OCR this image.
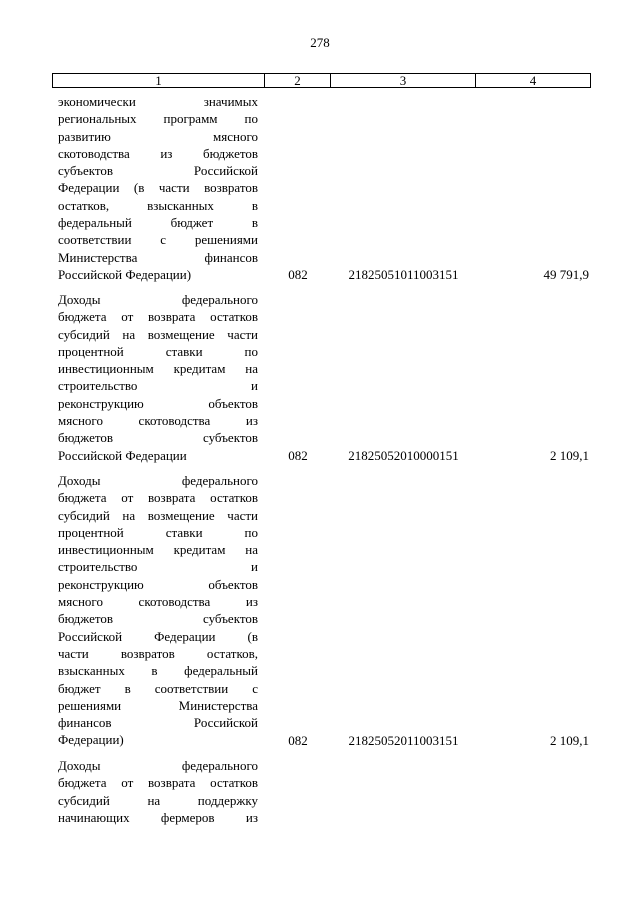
278
1	2	3	4
экономически значимых
региональных программ по
развитию мясного
скотоводства из бюджетов
субъектов Российской
Федерации (в части возвратов
остатков, взысканных в
федеральный бюджет в
соответствии с решениями
Министерства финансов
Российской Федерации)	082	21825051011003151	49 791,9
Доходы федерального
бюджета от возврата остатков
субсидий на возмещение части
процентной ставки по
инвестиционным кредитам на
строительство и
реконструкцию объектов
мясного скотоводства из
бюджетов субъектов
Российской Федерации	082	21825052010000151	2 109,1
Доходы федерального
бюджета от возврата остатков
субсидий на возмещение части
процентной ставки по
инвестиционным кредитам на
строительство и
реконструкцию объектов
мясного скотоводства из
бюджетов субъектов
Российской Федерации (в
части возвратов остатков,
взысканных в федеральный
бюджет в соответствии с
решениями Министерства
финансов Российской
Федерации)	082	21825052011003151	2 109,1
Доходы федерального
бюджета от возврата остатков
субсидий на поддержку
начинающих фермеров из
